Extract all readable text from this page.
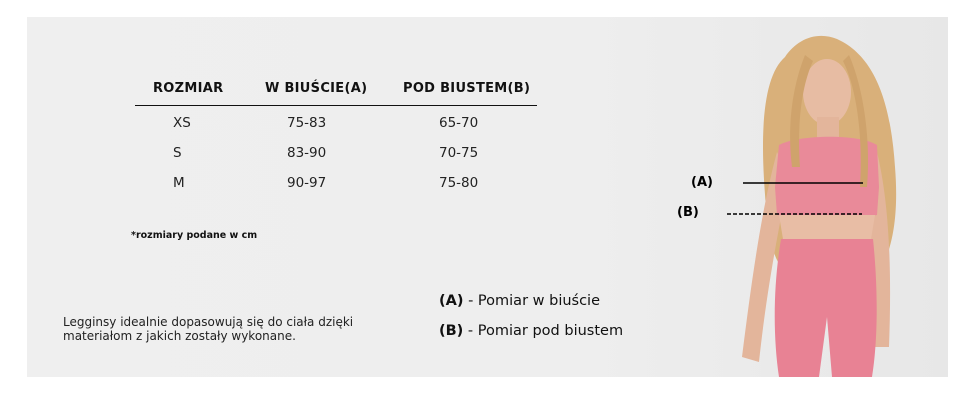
ROZMIAR	W BIUŚCIE(A)	POD BIUSTEM(B)
XS	75-83	65-70
S	83-90	70-75
M	90-97	75-80
*rozmiary podane w cm
Legginsy idealnie dopasowują się do ciała dzięki materiałom z jakich zostały wykonane.
(A) - Pomiar w biuście
(B) - Pomiar pod biustem
(A)
(B)
